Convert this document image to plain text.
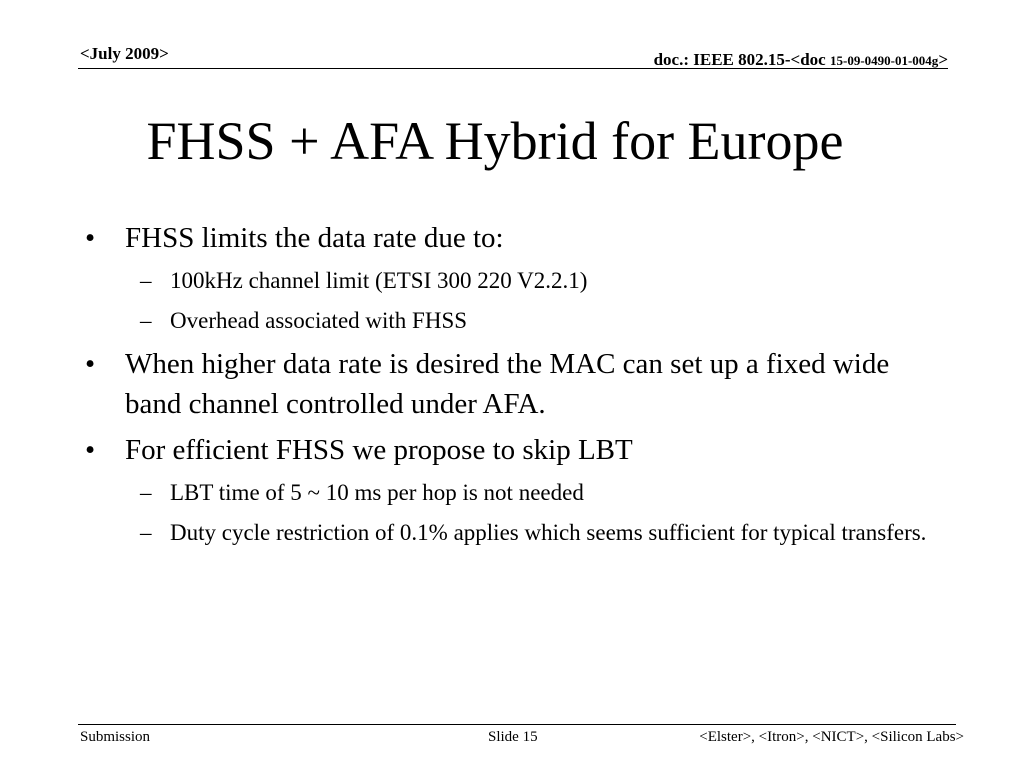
<July 2009>	doc.: IEEE 802.15-<doc 15-09-0490-01-004g>
FHSS + AFA Hybrid for Europe
• FHSS limits the data rate due to:
– 100kHz channel limit (ETSI 300 220 V2.2.1)
– Overhead associated with FHSS
• When higher data rate is desired the MAC can set up a fixed wide band channel controlled under AFA.
• For efficient FHSS we propose to skip LBT
– LBT time of 5 ~ 10 ms per hop is not needed
– Duty cycle restriction of 0.1% applies which seems sufficient for typical transfers.
Submission	Slide 15	<Elster>, <Itron>, <NICT>, <Silicon Labs>
